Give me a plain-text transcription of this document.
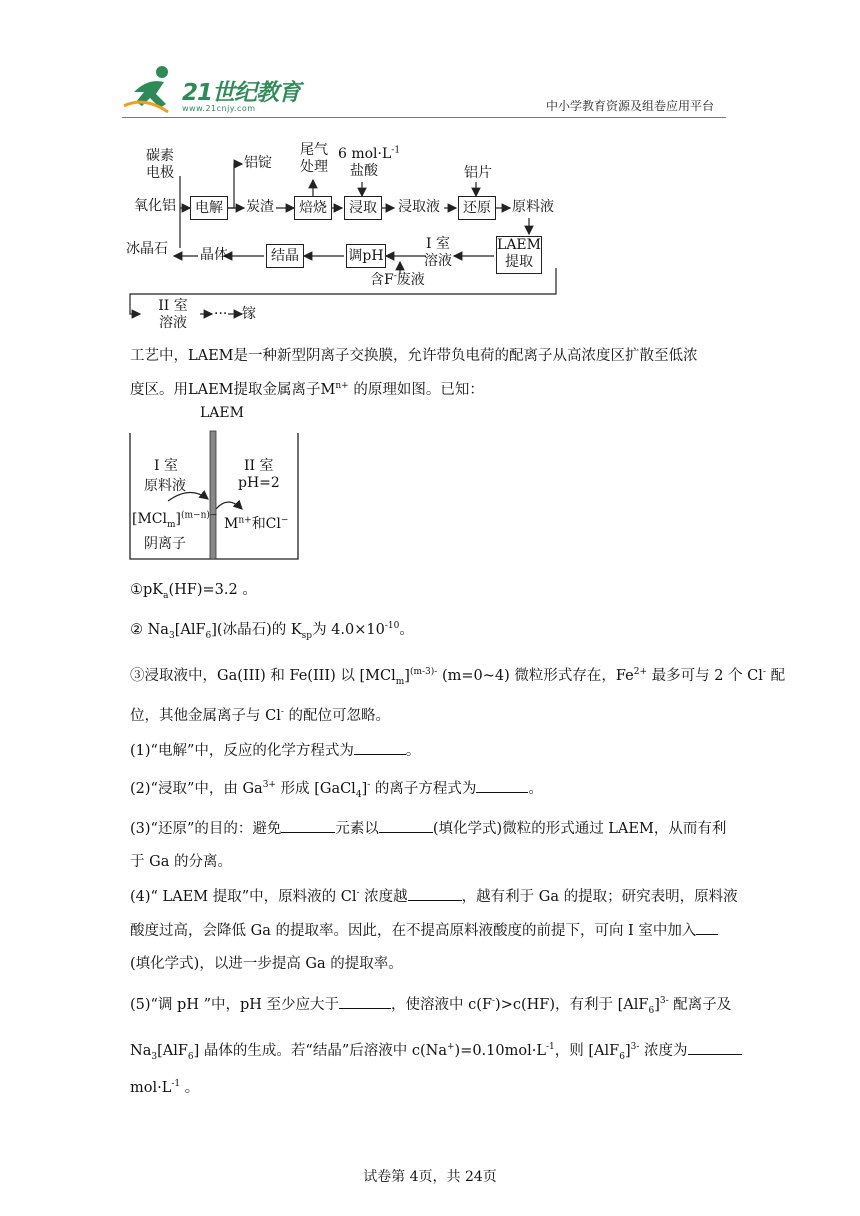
21世纪教育
www.21cnjy.com	中小学教育资源及组卷应用平台
碳素
电极
氧化铝
冰晶石
电解
铝锭
炭渣
尾气
处理
焙烧
6 $mol\cdot L^{-1}$
盐酸
浸取	浸取液
铝片
还原	原料液
LAEM
提取
I 室
溶液
调pH
含F-废液
结晶
晶体
II 室
溶液
··· 镓
工艺中，LAEM是一种新型阴离子交换膜，允许带负电荷的配离子从高浓度区扩散至低浓
度区。用LAEM提取金属离子$M^{n+}$ 的原理如图。已知：
LAEM
I 室
原料液
$[MCl_m]^{(m-n)-}$
阴离子
II 室
pH=2
$M^{n+}$和Cl−
$①pK_a(HF)=3.2$ 。
② $Na_3[AlF_6]$(冰晶石)的 $K_{sp}$为 $4.0\times 10^{-10}$。
③浸取液中，Ga(III) 和 Fe(III) 以 $[MCl_m]^{(m-3)-}$ (m=0~4) 微粒形式存在，$Fe^{2+}$ 最多可与 2 个 Cl- 配
位，其他金属离子与 Cl- 的配位可忽略。
(1)“电解”中，反应的化学方程式为	。
(2)“浸取”中，由 $Ga^{3+}$ 形成 [GaCl$_4$]- 的离子方程式为	。
(3)“还原”的目的：避免	元素以	(填化学式)微粒的形式通过 LAEM，从而有利
于 Ga 的分离。
(4)“ LAEM 提取”中，原料液的 Cl- 浓度越	，越有利于 Ga 的提取；研究表明，原料液
酸度过高，会降低 Ga 的提取率。因此，在不提高原料液酸度的前提下，可向 I 室中加入
(填化学式)，以进一步提高 Ga 的提取率。
(5)“调 pH ”中，pH 至少应大于	，使溶液中 c(F-)>c(HF)，有利于 $[AlF_6]^{3-}$ 配离子及
$Na_3[AlF_6]$ 晶体的生成。若“结晶”后溶液中 $c(Na^+)=0.10mol\cdot L^{-1}$，则 $[AlF_6]^{3-}$ 浓度为
$mol\cdot L^{-1}$ 。
试卷第 4页，共 24页
